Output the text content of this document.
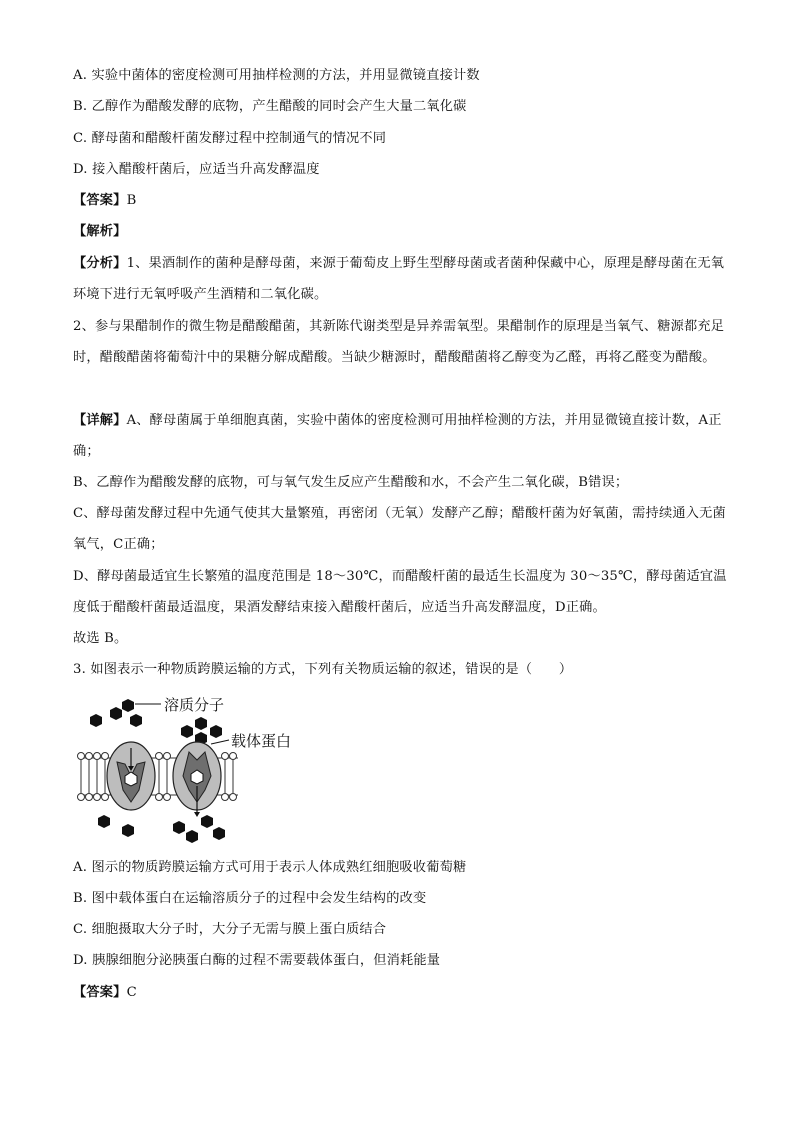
A. 实验中菌体的密度检测可用抽样检测的方法，并用显微镜直接计数
B. 乙醇作为醋酸发酵的底物，产生醋酸的同时会产生大量二氧化碳
C. 酵母菌和醋酸杆菌发酵过程中控制通气的情况不同
D. 接入醋酸杆菌后，应适当升高发酵温度
【答案】B
【解析】
【分析】1、果酒制作的菌种是酵母菌，来源于葡萄皮上野生型酵母菌或者菌种保藏中心，原理是酵母菌在无氧环境下进行无氧呼吸产生酒精和二氧化碳。
2、参与果醋制作的微生物是醋酸醋菌，其新陈代谢类型是异养需氧型。果醋制作的原理是当氧气、糖源都充足时，醋酸醋菌将葡萄汁中的果糖分解成醋酸。当缺少糖源时，醋酸醋菌将乙醇变为乙醛，再将乙醛变为醋酸。
【详解】A、酵母菌属于单细胞真菌，实验中菌体的密度检测可用抽样检测的方法，并用显微镜直接计数，A正确；
B、乙醇作为醋酸发酵的底物，可与氧气发生反应产生醋酸和水，不会产生二氧化碳，B错误；
C、酵母菌发酵过程中先通气使其大量繁殖，再密闭（无氧）发酵产乙醇；醋酸杆菌为好氧菌，需持续通入无菌氧气，C正确；
D、酵母菌最适宜生长繁殖的温度范围是 18～30℃，而醋酸杆菌的最适生长温度为 30～35℃，酵母菌适宜温度低于醋酸杆菌最适温度，果酒发酵结束接入醋酸杆菌后，应适当升高发酵温度，D正确。
故选 B。
3. 如图表示一种物质跨膜运输的方式，下列有关物质运输的叙述，错误的是（　　）
溶质分子
载体蛋白
A. 图示的物质跨膜运输方式可用于表示人体成熟红细胞吸收葡萄糖
B. 图中载体蛋白在运输溶质分子的过程中会发生结构的改变
C. 细胞摄取大分子时，大分子无需与膜上蛋白质结合
D. 胰腺细胞分泌胰蛋白酶的过程不需要载体蛋白，但消耗能量
【答案】C
